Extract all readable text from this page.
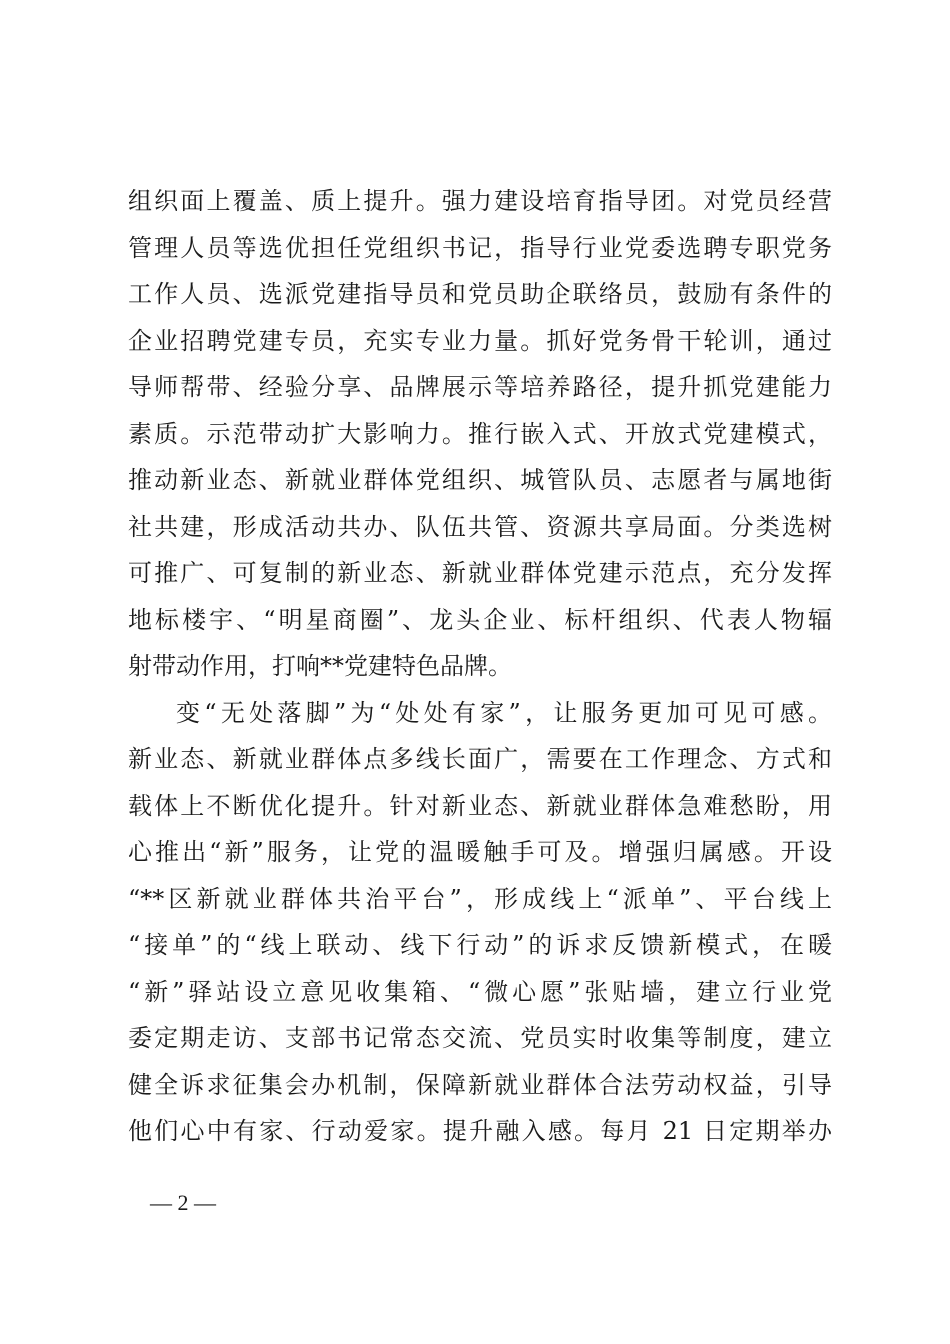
组织面上覆盖、质上提升。强力建设培育指导团。对党员经营
管理人员等选优担任党组织书记，指导行业党委选聘专职党务
工作人员、选派党建指导员和党员助企联络员，鼓励有条件的
企业招聘党建专员，充实专业力量。抓好党务骨干轮训，通过
导师帮带、经验分享、品牌展示等培养路径，提升抓党建能力
素质。示范带动扩大影响力。推行嵌入式、开放式党建模式，
推动新业态、新就业群体党组织、城管队员、志愿者与属地街
社共建，形成活动共办、队伍共管、资源共享局面。分类选树
可推广、可复制的新业态、新就业群体党建示范点，充分发挥
地标楼宇、“明星商圈”、龙头企业、标杆组织、代表人物辐
射带动作用，打响**党建特色品牌。
变“无处落脚”为“处处有家”，让服务更加可见可感。
新业态、新就业群体点多线长面广，需要在工作理念、方式和
载体上不断优化提升。针对新业态、新就业群体急难愁盼，用
心推出“新”服务，让党的温暖触手可及。增强归属感。开设
“**区新就业群体共治平台”，形成线上“派单”、平台线上
“接单”的“线上联动、线下行动”的诉求反馈新模式，在暖
“新”驿站设立意见收集箱、“微心愿”张贴墙，建立行业党
委定期走访、支部书记常态交流、党员实时收集等制度，建立
健全诉求征集会办机制，保障新就业群体合法劳动权益，引导
他们心中有家、行动爱家。提升融入感。每月 21 日定期举办
— 2 —
